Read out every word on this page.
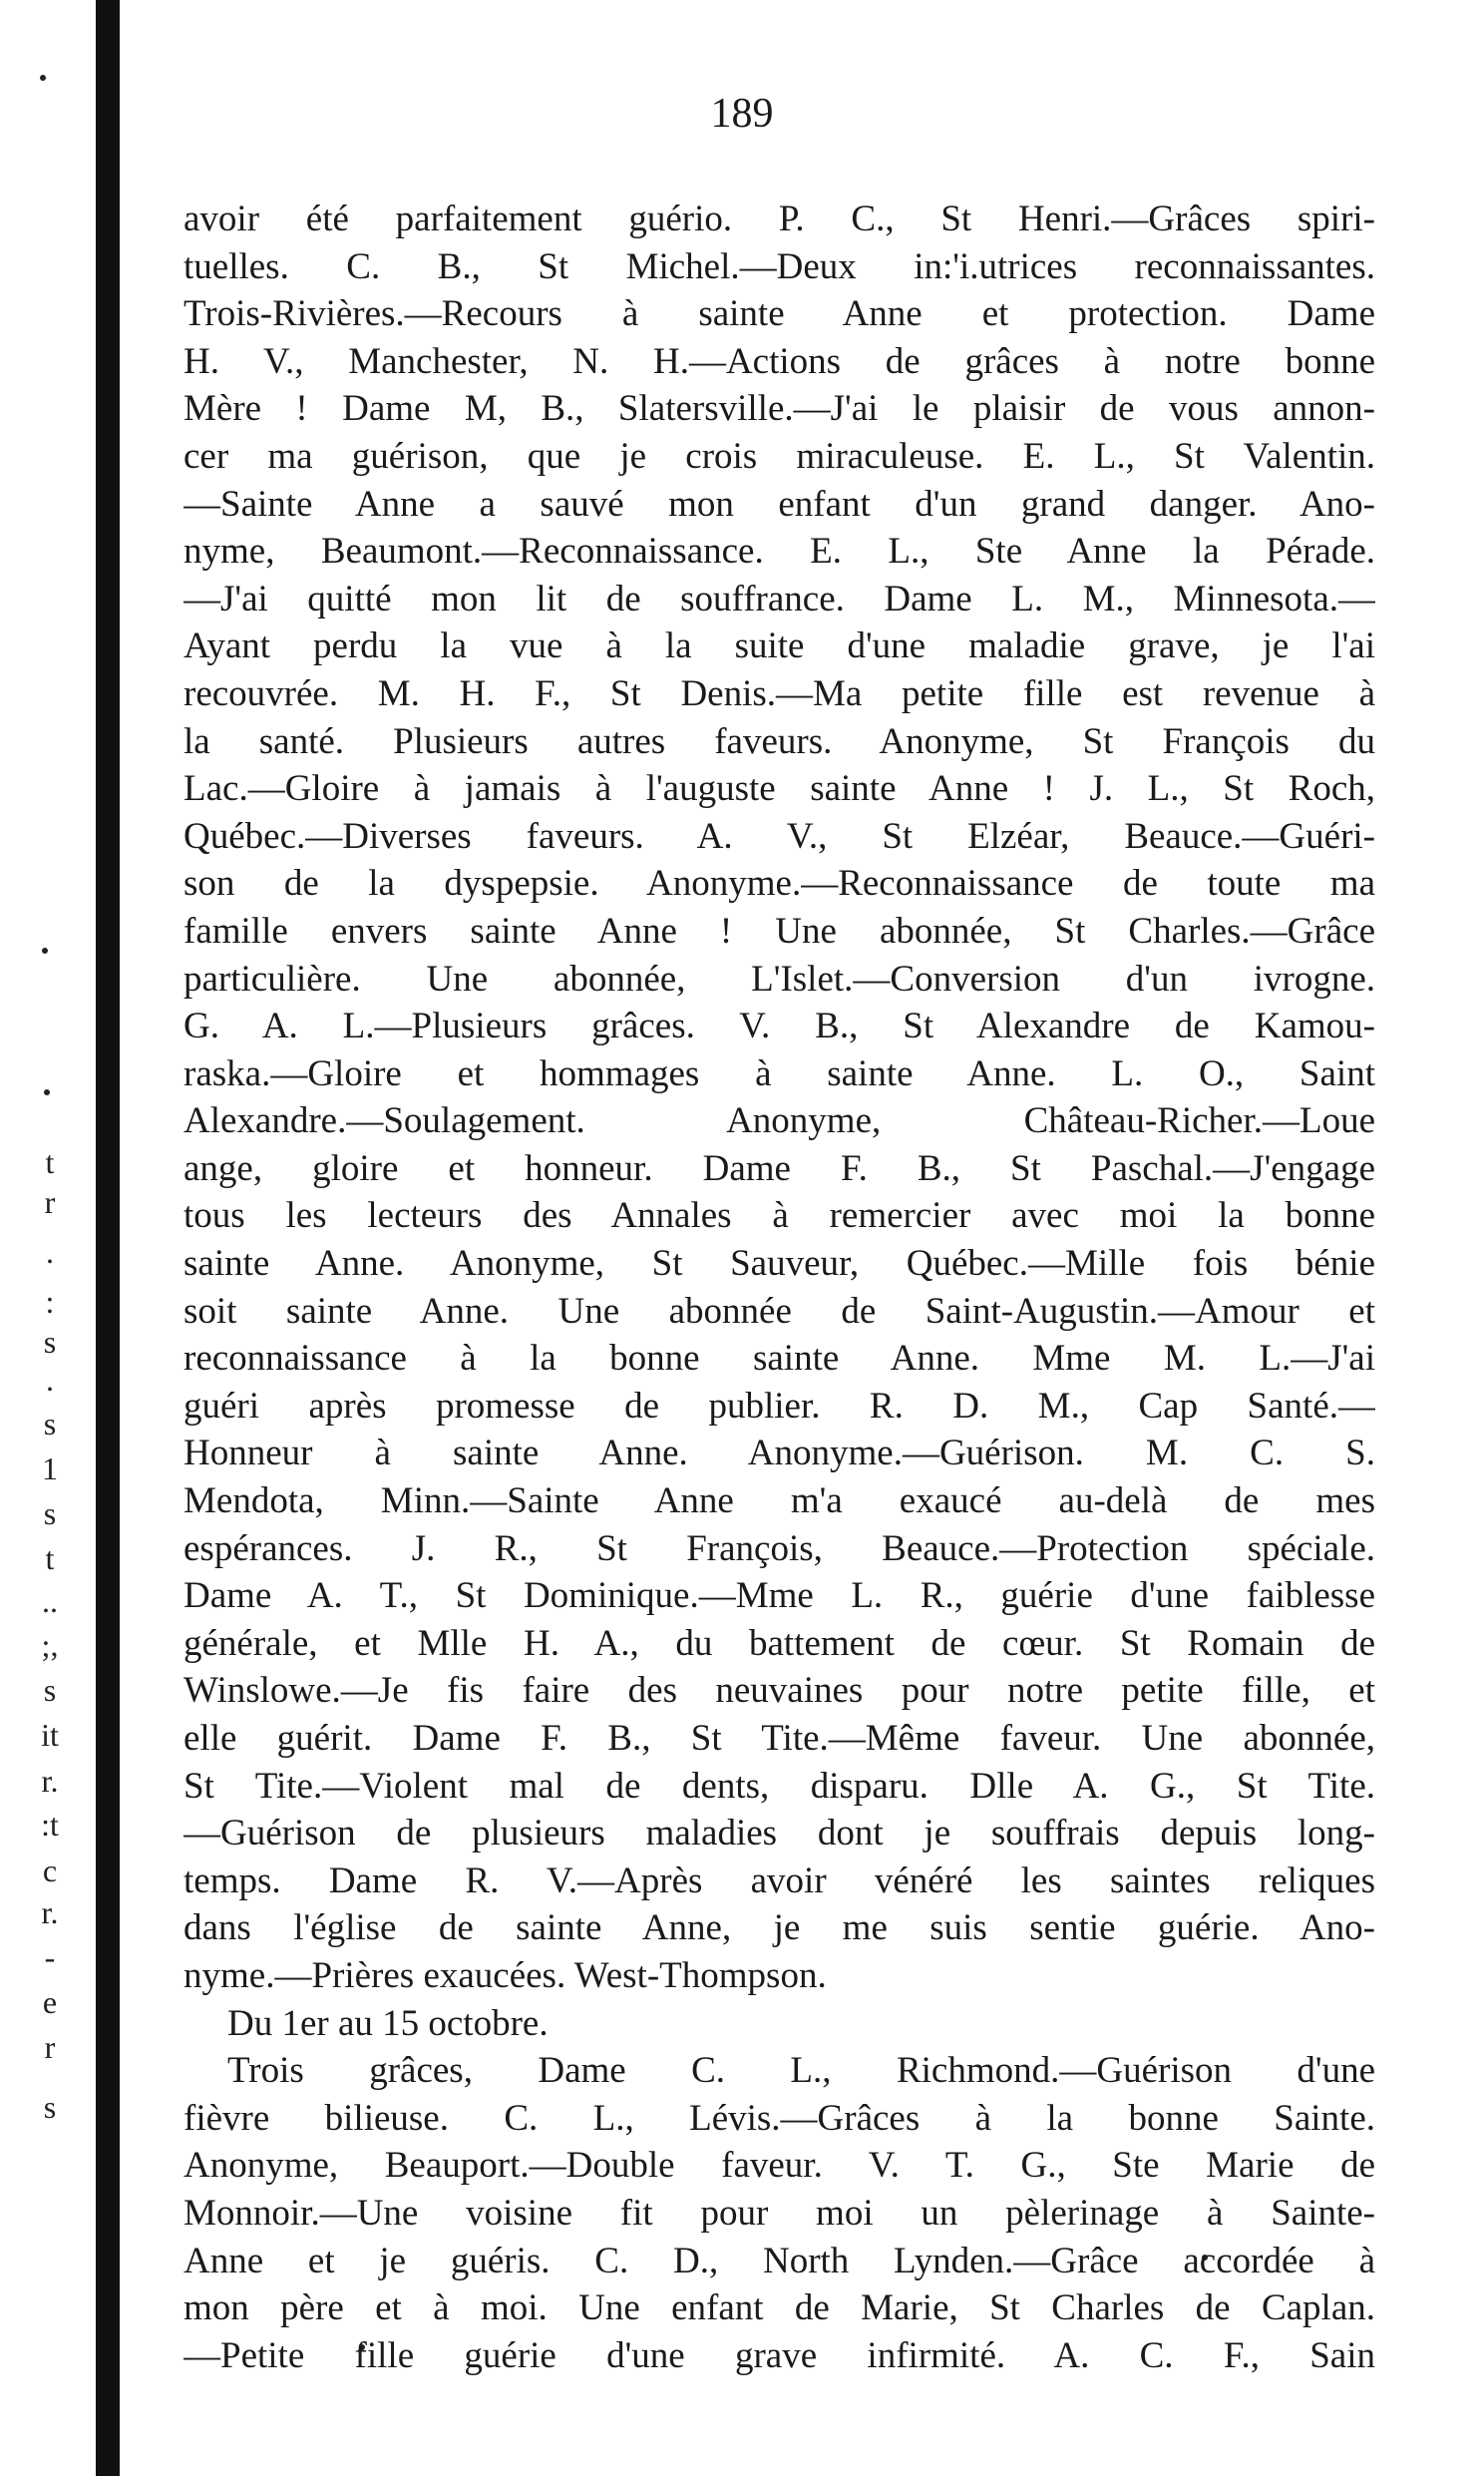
t
r
.
:
s
.
s
1
s
t
..
;,
s
it
r.
:t
c
r.
-
e
r
s
189
avoir été parfaitement guério. P. C., St Henri.—Grâces spiri-
tuelles. C. B., St Michel.—Deux in:'i.utrices reconnaissantes.
Trois-Rivières.—Recours à sainte Anne et protection. Dame
H. V., Manchester, N. H.—Actions de grâces à notre bonne
Mère ! Dame M, B., Slatersville.—J'ai le plaisir de vous annon-
cer ma guérison, que je crois miraculeuse. E. L., St Valentin.
—Sainte Anne a sauvé mon enfant d'un grand danger. Ano-
nyme, Beaumont.—Reconnaissance. E. L., Ste Anne la Pérade.
—J'ai quitté mon lit de souffrance. Dame L. M., Minnesota.—
Ayant perdu la vue à la suite d'une maladie grave, je l'ai
recouvrée. M. H. F., St Denis.—Ma petite fille est revenue à
la santé. Plusieurs autres faveurs. Anonyme, St François du
Lac.—Gloire à jamais à l'auguste sainte Anne ! J. L., St Roch,
Québec.—Diverses faveurs. A. V., St Elzéar, Beauce.—Guéri-
son de la dyspepsie. Anonyme.—Reconnaissance de toute ma
famille envers sainte Anne ! Une abonnée, St Charles.—Grâce
particulière. Une abonnée, L'Islet.—Conversion d'un ivrogne.
G. A. L.—Plusieurs grâces. V. B., St Alexandre de Kamou-
raska.—Gloire et hommages à sainte Anne. L. O., Saint
Alexandre.—Soulagement. Anonyme, Château-Richer.—Loue
ange, gloire et honneur. Dame F. B., St Paschal.—J'engage
tous les lecteurs des Annales à remercier avec moi la bonne
sainte Anne. Anonyme, St Sauveur, Québec.—Mille fois bénie
soit sainte Anne. Une abonnée de Saint-Augustin.—Amour et
reconnaissance à la bonne sainte Anne. Mme M. L.—J'ai
guéri après promesse de publier. R. D. M., Cap Santé.—
Honneur à sainte Anne. Anonyme.—Guérison. M. C. S.
Mendota, Minn.—Sainte Anne m'a exaucé au-delà de mes
espérances. J. R., St François, Beauce.—Protection spéciale.
Dame A. T., St Dominique.—Mme L. R., guérie d'une faiblesse
générale, et Mlle H. A., du battement de cœur. St Romain de
Winslowe.—Je fis faire des neuvaines pour notre petite fille, et
elle guérit. Dame F. B., St Tite.—Même faveur. Une abonnée,
St Tite.—Violent mal de dents, disparu. Dlle A. G., St Tite.
—Guérison de plusieurs maladies dont je souffrais depuis long-
temps. Dame R. V.—Après avoir vénéré les saintes reliques
dans l'église de sainte Anne, je me suis sentie guérie. Ano-
nyme.—Prières exaucées. West-Thompson.
Du 1er au 15 octobre.
Trois grâces, Dame C. L., Richmond.—Guérison d'une
fièvre bilieuse. C. L., Lévis.—Grâces à la bonne Sainte.
Anonyme, Beauport.—Double faveur. V. T. G., Ste Marie de
Monnoir.—Une voisine fit pour moi un pèlerinage à Sainte-
Anne et je guéris. C. D., North Lynden.—Grâce accordée à
mon père et à moi. Une enfant de Marie, St Charles de Caplan.
—Petite fille guérie d'une grave infirmité. A. C. F., Sain
